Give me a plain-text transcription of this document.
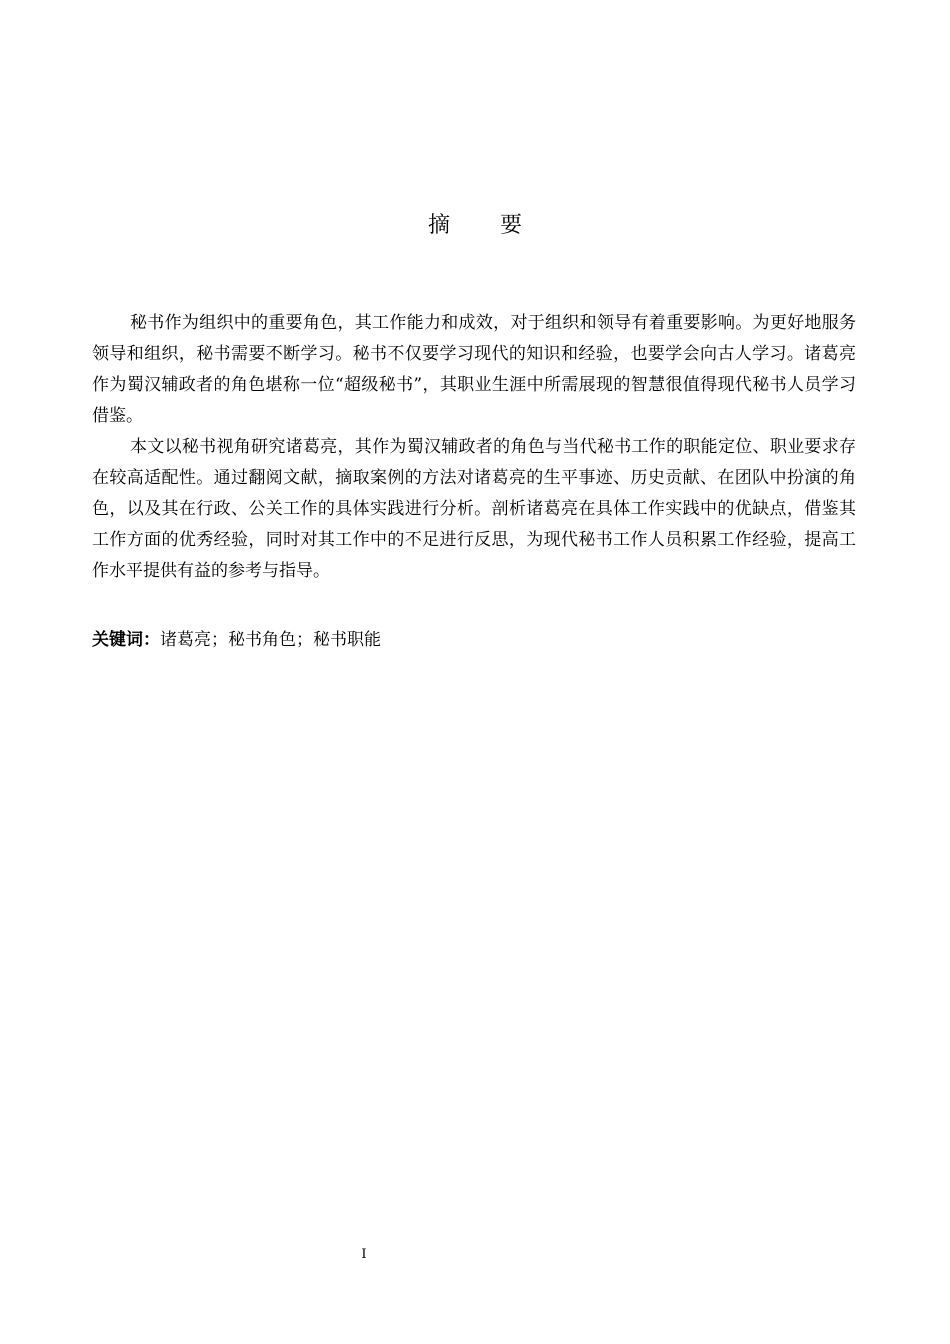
摘要

秘书作为组织中的重要角色，其工作能力和成效，对于组织和领导有着重要影响。为更好地服务领导和组织，秘书需要不断学习。秘书不仅要学习现代的知识和经验，也要学会向古人学习。诸葛亮作为蜀汉辅政者的角色堪称一位“超级秘书”，其职业生涯中所需展现的智慧很值得现代秘书人员学习借鉴。

本文以秘书视角研究诸葛亮，其作为蜀汉辅政者的角色与当代秘书工作的职能定位、职业要求存在较高适配性。通过翻阅文献，摘取案例的方法对诸葛亮的生平事迹、历史贡献、在团队中扮演的角色，以及其在行政、公关工作的具体实践进行分析。剖析诸葛亮在具体工作实践中的优缺点，借鉴其工作方面的优秀经验，同时对其工作中的不足进行反思，为现代秘书工作人员积累工作经验，提高工作水平提供有益的参考与指导。

关键词：诸葛亮；秘书角色；秘书职能

I
